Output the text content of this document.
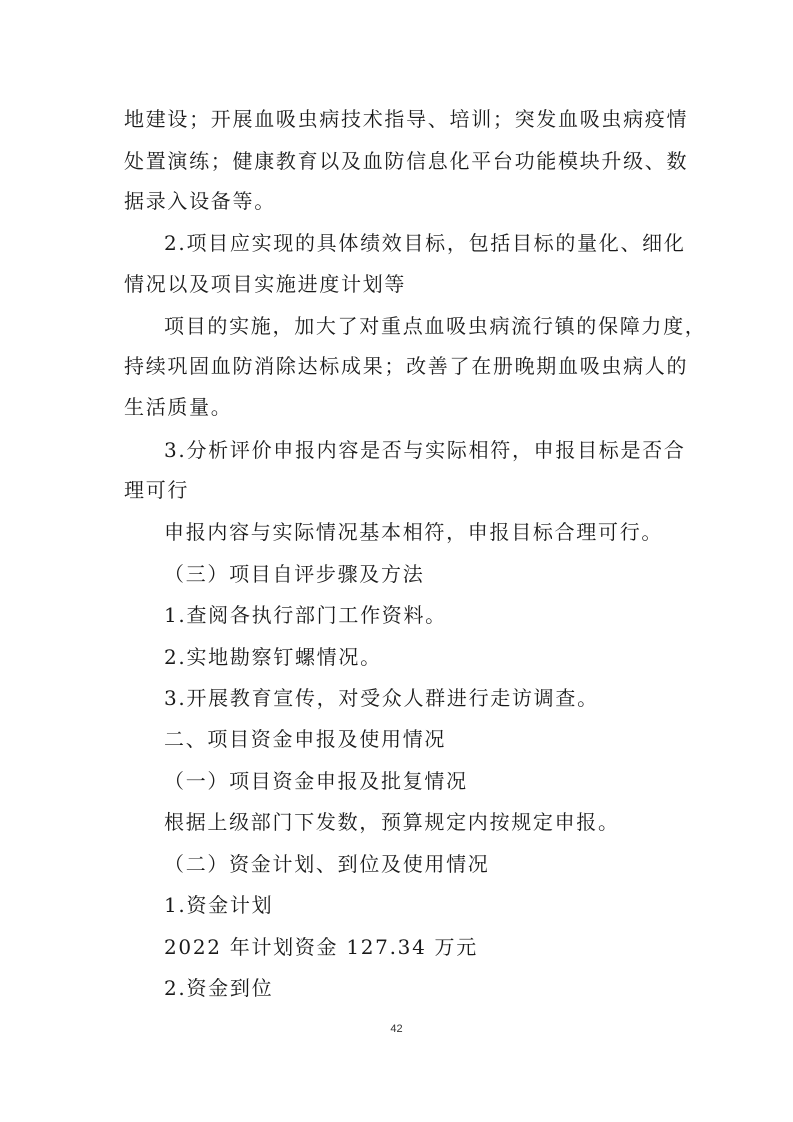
地建设；开展血吸虫病技术指导、培训；突发血吸虫病疫情
处置演练；健康教育以及血防信息化平台功能模块升级、数
据录入设备等。
2.项目应实现的具体绩效目标，包括目标的量化、细化
情况以及项目实施进度计划等
项目的实施，加大了对重点血吸虫病流行镇的保障力度，
持续巩固血防消除达标成果；改善了在册晚期血吸虫病人的
生活质量。
3.分析评价申报内容是否与实际相符，申报目标是否合
理可行
申报内容与实际情况基本相符，申报目标合理可行。
（三）项目自评步骤及方法
1.查阅各执行部门工作资料。
2.实地勘察钉螺情况。
3.开展教育宣传，对受众人群进行走访调查。
二、项目资金申报及使用情况
（一）项目资金申报及批复情况
根据上级部门下发数，预算规定内按规定申报。
（二）资金计划、到位及使用情况
1.资金计划
2022 年计划资金 127.34 万元
2.资金到位
42
